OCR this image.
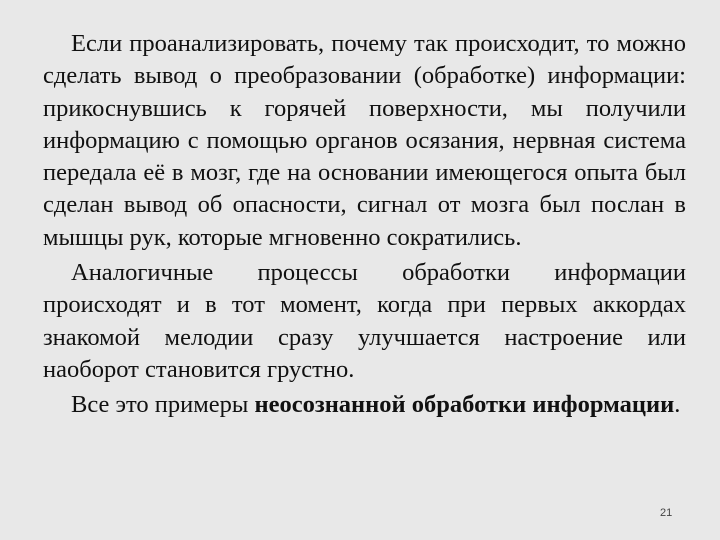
Если проанализировать, почему так происходит, то можно сделать вывод о преобразовании (обработке) информации: прикоснувшись к горячей поверхности, мы получили информацию с помощью органов осязания, нервная система передала её в мозг, где на основании имеющегося опыта был сделан вывод об опасности, сигнал от мозга был послан в мышцы рук, которые мгновенно сократились.

Аналогичные процессы обработки информации происходят и в тот момент, когда при первых аккордах знакомой мелодии сразу улучшается настроение или наоборот становится грустно.

Все это примеры неосознанной обработки информации.

21
